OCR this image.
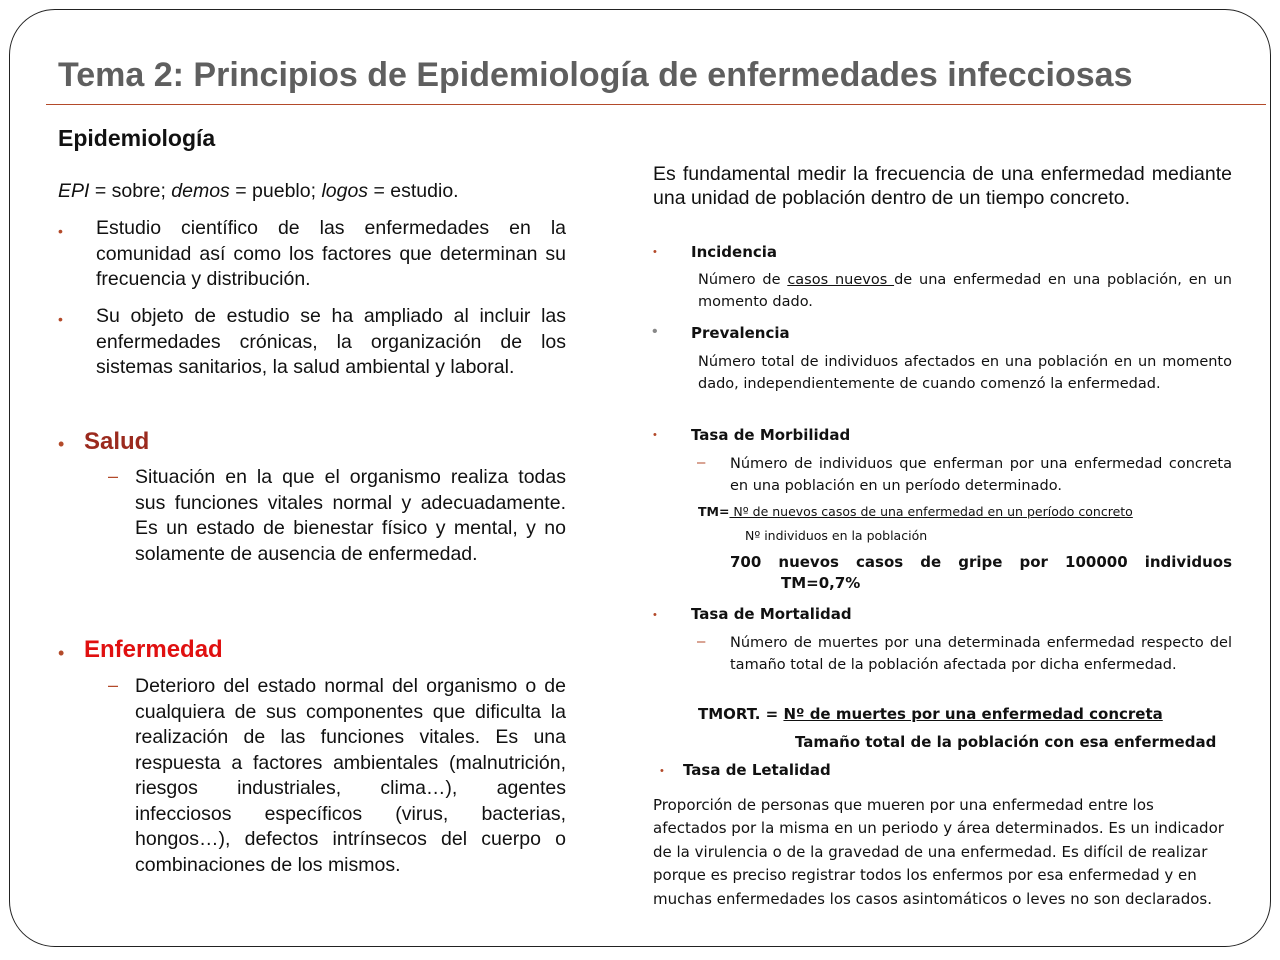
Tema 2: Principios de Epidemiología de enfermedades infecciosas
Epidemiología
EPI = sobre; demos = pueblo; logos = estudio.
• Estudio científico de las enfermedades en la comunidad así como los factores que determinan su frecuencia y distribución.
• Su objeto de estudio se ha ampliado al incluir las enfermedades crónicas, la organización de los sistemas sanitarios, la salud ambiental y laboral.
• Salud
– Situación en la que el organismo realiza todas sus funciones vitales normal y adecuadamente. Es un estado de bienestar físico y mental, y no solamente de ausencia de enfermedad.
• Enfermedad
– Deterioro del estado normal del organismo o de cualquiera de sus componentes que dificulta la realización de las funciones vitales. Es una respuesta a factores ambientales (malnutrición, riesgos industriales, clima…), agentes infecciosos específicos (virus, bacterias, hongos…), defectos intrínsecos del cuerpo o combinaciones de los mismos.
Es fundamental medir la frecuencia de una enfermedad mediante una unidad de población dentro de un tiempo concreto.
• Incidencia
Número de casos nuevos de una enfermedad en una población, en un momento dado.
• Prevalencia
Número total de individuos afectados en una población en un momento dado, independientemente de cuando comenzó la enfermedad.
• Tasa de Morbilidad
– Número de individuos que enferman por una enfermedad concreta en una población en un período determinado.
TM= Nº de nuevos casos de una enfermedad en un período concreto
Nº individuos en la población
700 nuevos casos de gripe por 100000 individuos
TM=0,7%
• Tasa de Mortalidad
– Número de muertes por una determinada enfermedad respecto del tamaño total de la población afectada por dicha enfermedad.
TMORT. = Nº de muertes por una enfermedad concreta
Tamaño total de la población con esa enfermedad
• Tasa de Letalidad
Proporción de personas que mueren por una enfermedad entre los afectados por la misma en un periodo y área determinados. Es un indicador de la virulencia o de la gravedad de una enfermedad. Es difícil de realizar porque es preciso registrar todos los enfermos por esa enfermedad y en muchas enfermedades los casos asintomáticos o leves no son declarados.
